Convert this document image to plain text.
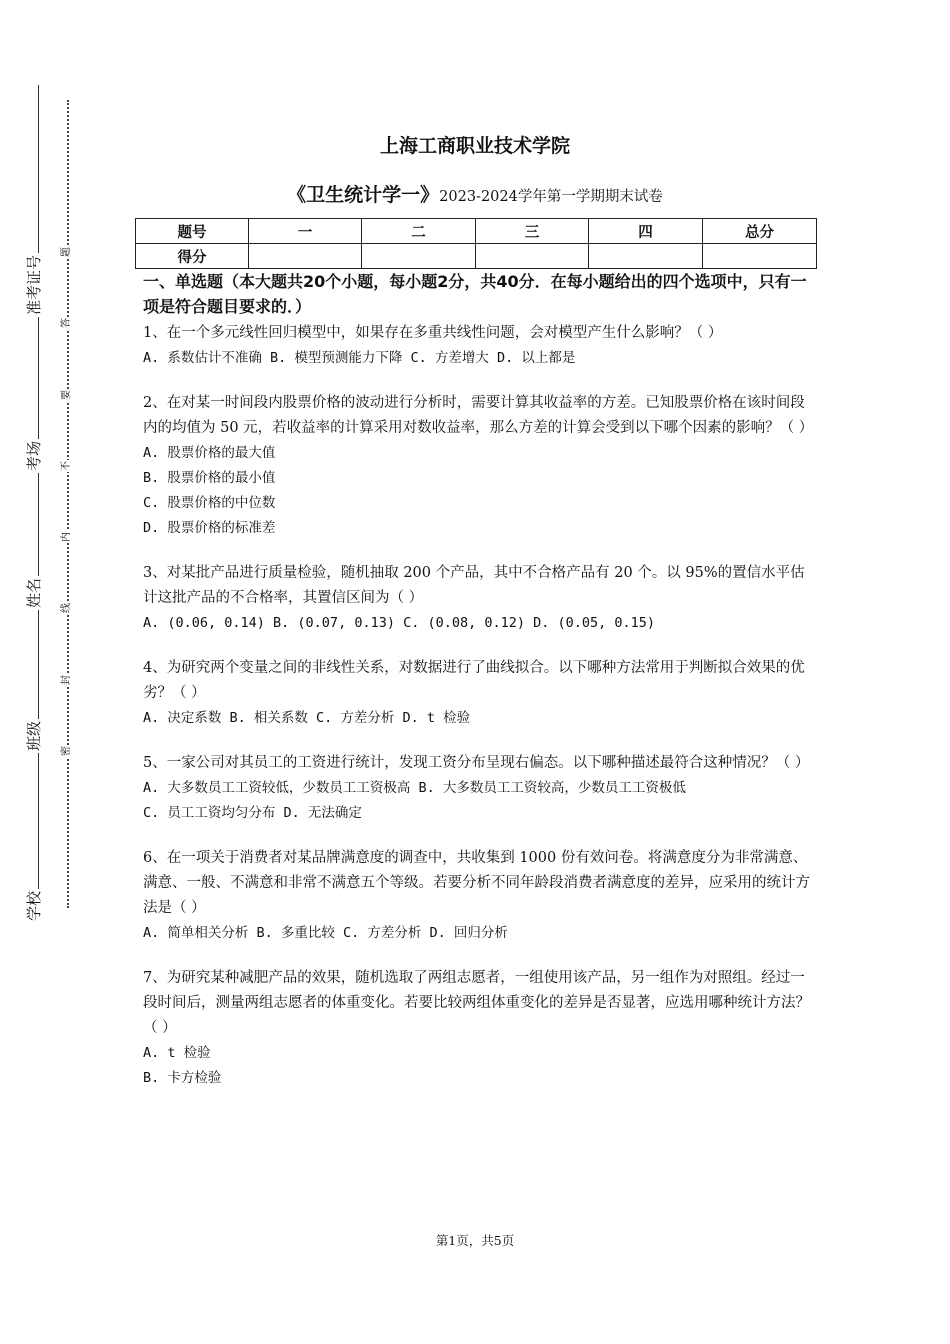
准考证号
考场
姓名
班级
学校
题
答
要
不
内
线
封
密
上海工商职业技术学院
《卫生统计学一》2023-2024学年第一学期期末试卷
题号	一	二	三	四	总分
得分					
一、单选题（本大题共20个小题，每小题2分，共40分．在每小题给出的四个选项中，只有一项是符合题目要求的．）
1、在一个多元线性回归模型中，如果存在多重共线性问题，会对模型产生什么影响？（ ）
A. 系数估计不准确 B. 模型预测能力下降 C. 方差增大 D. 以上都是
2、在对某一时间段内股票价格的波动进行分析时，需要计算其收益率的方差。已知股票价格在该时间段内的均值为 50 元，若收益率的计算采用对数收益率，那么方差的计算会受到以下哪个因素的影响？（ ）
A. 股票价格的最大值
B. 股票价格的最小值
C. 股票价格的中位数
D. 股票价格的标准差
3、对某批产品进行质量检验，随机抽取 200 个产品，其中不合格产品有 20 个。以 95%的置信水平估计这批产品的不合格率，其置信区间为（ ）
A. (0.06, 0.14) B. (0.07, 0.13) C. (0.08, 0.12) D. (0.05, 0.15)
4、为研究两个变量之间的非线性关系，对数据进行了曲线拟合。以下哪种方法常用于判断拟合效果的优劣？（ ）
A. 决定系数 B. 相关系数 C. 方差分析 D. t 检验
5、一家公司对其员工的工资进行统计，发现工资分布呈现右偏态。以下哪种描述最符合这种情况？（ ）
A. 大多数员工工资较低，少数员工工资极高 B. 大多数员工工资较高，少数员工工资极低
C. 员工工资均匀分布 D. 无法确定
6、在一项关于消费者对某品牌满意度的调查中，共收集到 1000 份有效问卷。将满意度分为非常满意、满意、一般、不满意和非常不满意五个等级。若要分析不同年龄段消费者满意度的差异，应采用的统计方法是（ ）
A. 简单相关分析 B. 多重比较 C. 方差分析 D. 回归分析
7、为研究某种减肥产品的效果，随机选取了两组志愿者，一组使用该产品，另一组作为对照组。经过一段时间后，测量两组志愿者的体重变化。若要比较两组体重变化的差异是否显著，应选用哪种统计方法？（ ）
A. t 检验
B. 卡方检验
第1页，共5页
